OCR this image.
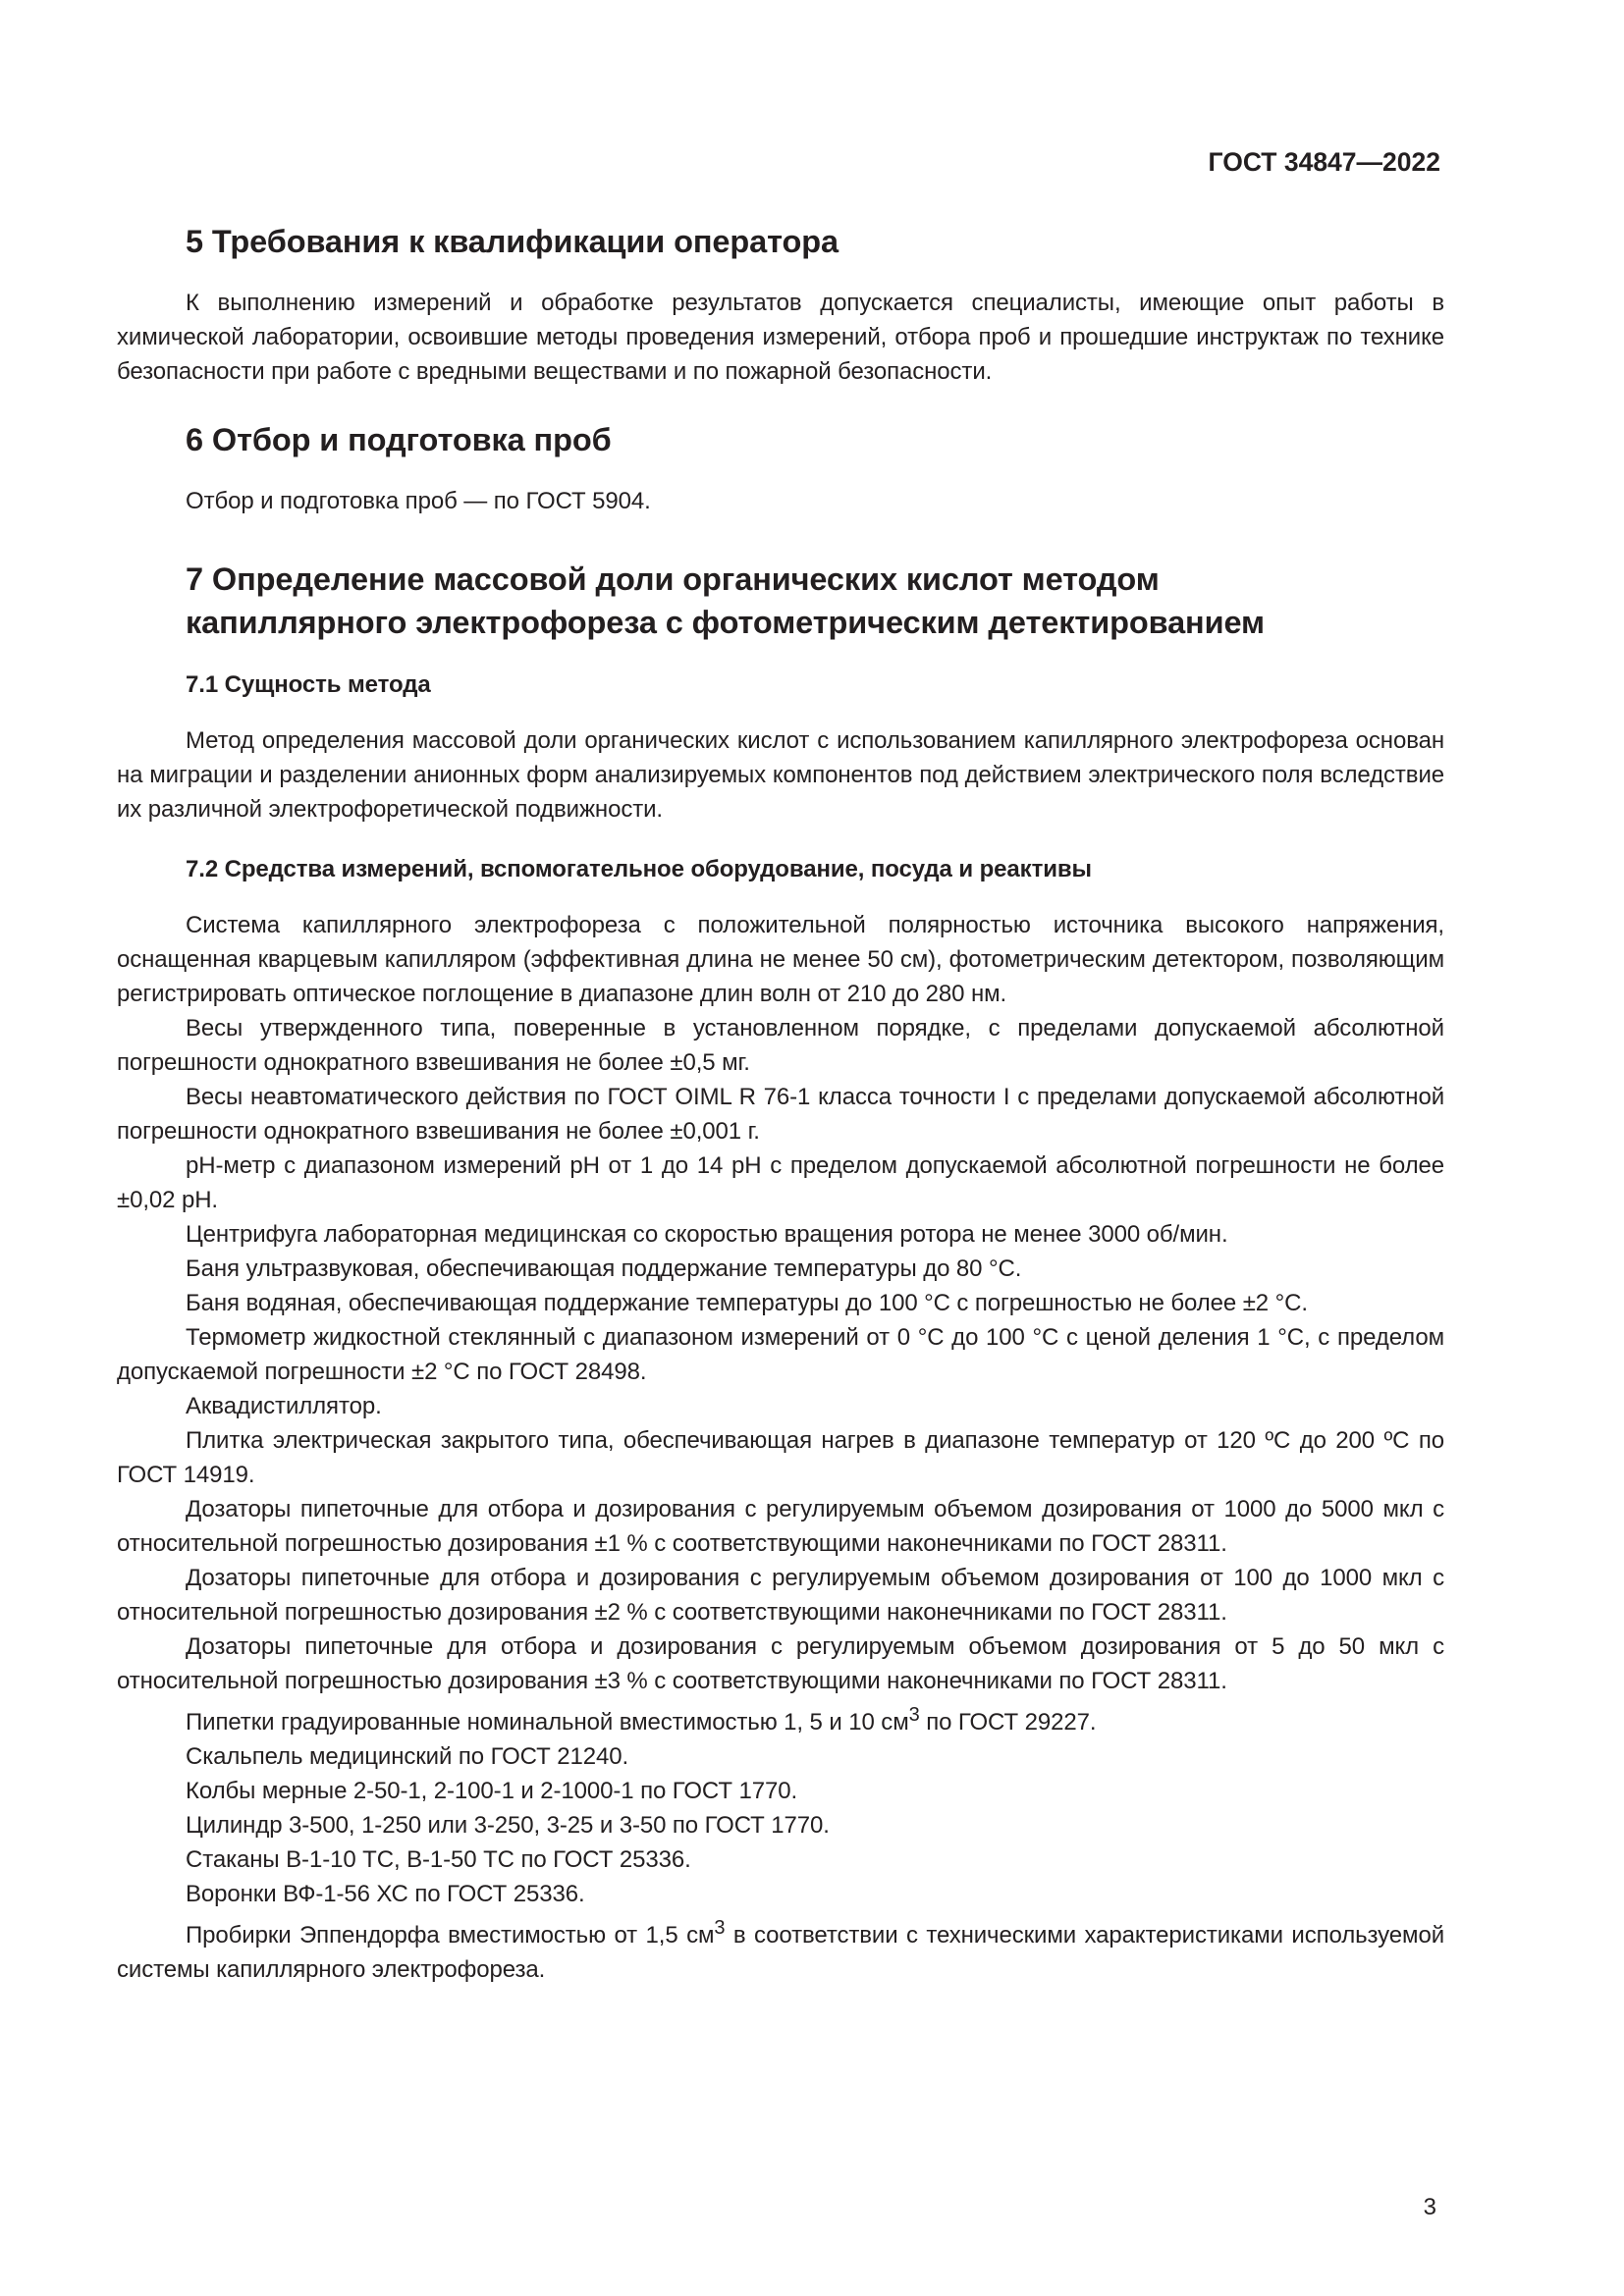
ГОСТ 34847—2022
5 Требования к квалификации оператора

К выполнению измерений и обработке результатов допускается специалисты, имеющие опыт работы в химической лаборатории, освоившие методы проведения измерений, отбора проб и прошедшие инструктаж по технике безопасности при работе с вредными веществами и по пожарной безопасности.

6 Отбор и подготовка проб

Отбор и подготовка проб — по ГОСТ 5904.

7 Определение массовой доли органических кислот методом
капиллярного электрофореза с фотометрическим детектированием
7.1 Сущность метода

Метод определения массовой доли органических кислот с использованием капиллярного электрофореза основан на миграции и разделении анионных форм анализируемых компонентов под действием электрического поля вследствие их различной электрофоретической подвижности.

7.2 Средства измерений, вспомогательное оборудование, посуда и реактивы

Система капиллярного электрофореза с положительной полярностью источника высокого напряжения, оснащенная кварцевым капилляром (эффективная длина не менее 50 см), фотометрическим детектором, позволяющим регистрировать оптическое поглощение в диапазоне длин волн от 210 до 280 нм.

Весы утвержденного типа, поверенные в установленном порядке, с пределами допускаемой абсолютной погрешности однократного взвешивания не более ±0,5 мг.

Весы неавтоматического действия по ГОСТ OIML R 76-1 класса точности I с пределами допускаемой абсолютной погрешности однократного взвешивания не более ±0,001 г.

pH-метр с диапазоном измерений pH от 1 до 14 pH с пределом допускаемой абсолютной погрешности не более ±0,02 pH.

Центрифуга лабораторная медицинская со скоростью вращения ротора не менее 3000 об/мин.

Баня ультразвуковая, обеспечивающая поддержание температуры до 80 °С.

Баня водяная, обеспечивающая поддержание температуры до 100 °С с погрешностью не более ±2 °С.

Термометр жидкостной стеклянный с диапазоном измерений от 0 °С до 100 °С с ценой деления 1 °С, с пределом допускаемой погрешности ±2 °С по ГОСТ 28498.

Аквадистиллятор.

Плитка электрическая закрытого типа, обеспечивающая нагрев в диапазоне температур от 120 ºС до 200 ºС по ГОСТ 14919.

Дозаторы пипеточные для отбора и дозирования с регулируемым объемом дозирования от 1000 до 5000 мкл с относительной погрешностью дозирования ±1 % с соответствующими наконечниками по ГОСТ 28311.

Дозаторы пипеточные для отбора и дозирования с регулируемым объемом дозирования от 100 до 1000 мкл с относительной погрешностью дозирования ±2 % с соответствующими наконечниками по ГОСТ 28311.

Дозаторы пипеточные для отбора и дозирования с регулируемым объемом дозирования от 5 до 50 мкл с относительной погрешностью дозирования ±3 % с соответствующими наконечниками по ГОСТ 28311.

Пипетки градуированные номинальной вместимостью 1, 5 и 10 $см^3$ по ГОСТ 29227.

Скальпель медицинский по ГОСТ 21240.

Колбы мерные 2-50-1, 2-100-1 и 2-1000-1 по ГОСТ 1770.

Цилиндр 3-500, 1-250 или 3-250, 3-25 и 3-50 по ГОСТ 1770.

Стаканы В-1-10 ТС, В-1-50 ТС по ГОСТ 25336.

Воронки ВФ-1-56 ХС по ГОСТ 25336.

Пробирки Эппендорфа вместимостью от 1,5 $см^3$ в соответствии с техническими характеристиками используемой системы капиллярного электрофореза.

3
